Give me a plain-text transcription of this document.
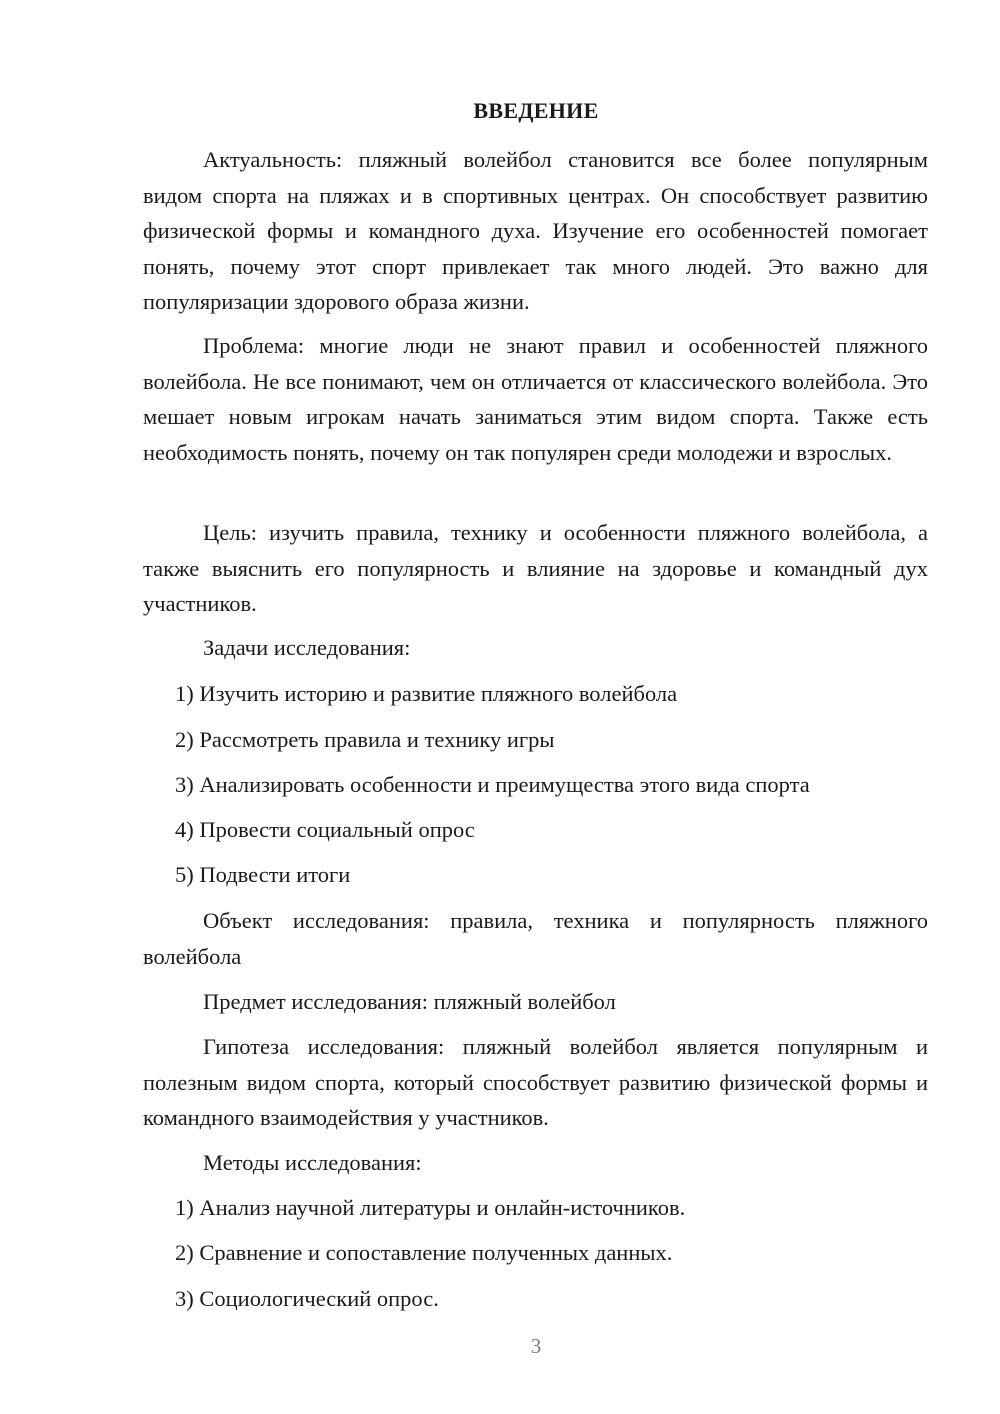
ВВЕДЕНИЕ

Актуальность: пляжный волейбол становится все более популярным видом спорта на пляжах и в спортивных центрах. Он способствует развитию физической формы и командного духа. Изучение его особенностей помогает понять, почему этот спорт привлекает так много людей. Это важно для популяризации здорового образа жизни.

Проблема: многие люди не знают правил и особенностей пляжного волейбола. Не все понимают, чем он отличается от классического волейбола. Это мешает новым игрокам начать заниматься этим видом спорта. Также есть необходимость понять, почему он так популярен среди молодежи и взрослых.

Цель: изучить правила, технику и особенности пляжного волейбола, а также выяснить его популярность и влияние на здоровье и командный дух участников.

Задачи исследования:
1) Изучить историю и развитие пляжного волейбола
2) Рассмотреть правила и технику игры
3) Анализировать особенности и преимущества этого вида спорта
4) Провести социальный опрос
5) Подвести итоги

Объект исследования: правила, техника и популярность пляжного волейбола

Предмет исследования: пляжный волейбол

Гипотеза исследования: пляжный волейбол является популярным и полезным видом спорта, который способствует развитию физической формы и командного взаимодействия у участников.

Методы исследования:
1) Анализ научной литературы и онлайн-источников.
2) Сравнение и сопоставление полученных данных.
3) Социологический опрос.
3
